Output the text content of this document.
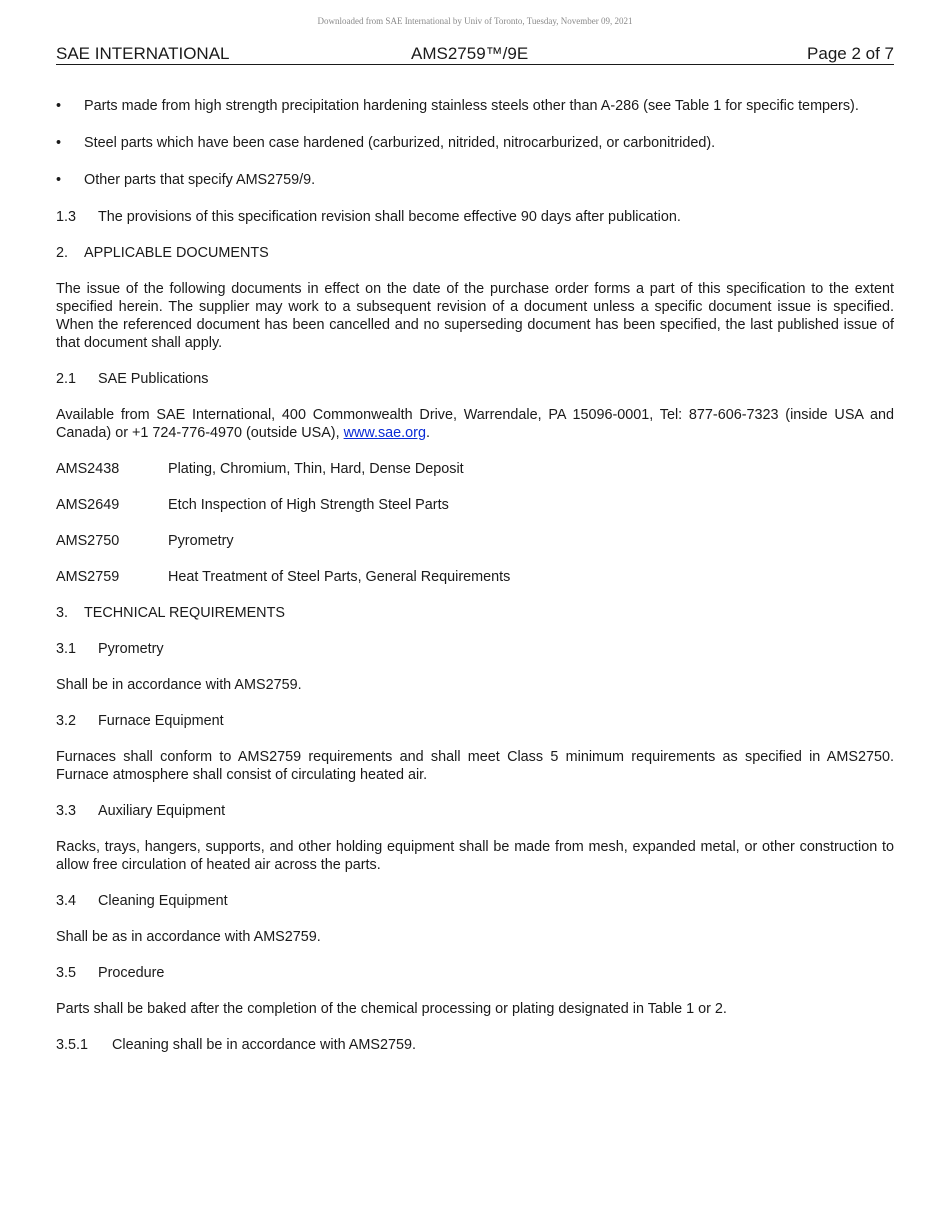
Downloaded from SAE International by Univ of Toronto, Tuesday, November 09, 2021
SAE INTERNATIONAL	AMS2759™/9E	Page 2 of 7
• Parts made from high strength precipitation hardening stainless steels other than A-286 (see Table 1 for specific tempers).
• Steel parts which have been case hardened (carburized, nitrided, nitrocarburized, or carbonitrided).
• Other parts that specify AMS2759/9.
1.3 The provisions of this specification revision shall become effective 90 days after publication.
2. APPLICABLE DOCUMENTS
The issue of the following documents in effect on the date of the purchase order forms a part of this specification to the extent specified herein. The supplier may work to a subsequent revision of a document unless a specific document issue is specified. When the referenced document has been cancelled and no superseding document has been specified, the last published issue of that document shall apply.
2.1 SAE Publications
Available from SAE International, 400 Commonwealth Drive, Warrendale, PA 15096-0001, Tel: 877-606-7323 (inside USA and Canada) or +1 724-776-4970 (outside USA), www.sae.org.
AMS2438	Plating, Chromium, Thin, Hard, Dense Deposit
AMS2649	Etch Inspection of High Strength Steel Parts
AMS2750	Pyrometry
AMS2759	Heat Treatment of Steel Parts, General Requirements
3. TECHNICAL REQUIREMENTS
3.1 Pyrometry
Shall be in accordance with AMS2759.
3.2 Furnace Equipment
Furnaces shall conform to AMS2759 requirements and shall meet Class 5 minimum requirements as specified in AMS2750. Furnace atmosphere shall consist of circulating heated air.
3.3 Auxiliary Equipment
Racks, trays, hangers, supports, and other holding equipment shall be made from mesh, expanded metal, or other construction to allow free circulation of heated air across the parts.
3.4 Cleaning Equipment
Shall be as in accordance with AMS2759.
3.5 Procedure
Parts shall be baked after the completion of the chemical processing or plating designated in Table 1 or 2.
3.5.1 Cleaning shall be in accordance with AMS2759.
